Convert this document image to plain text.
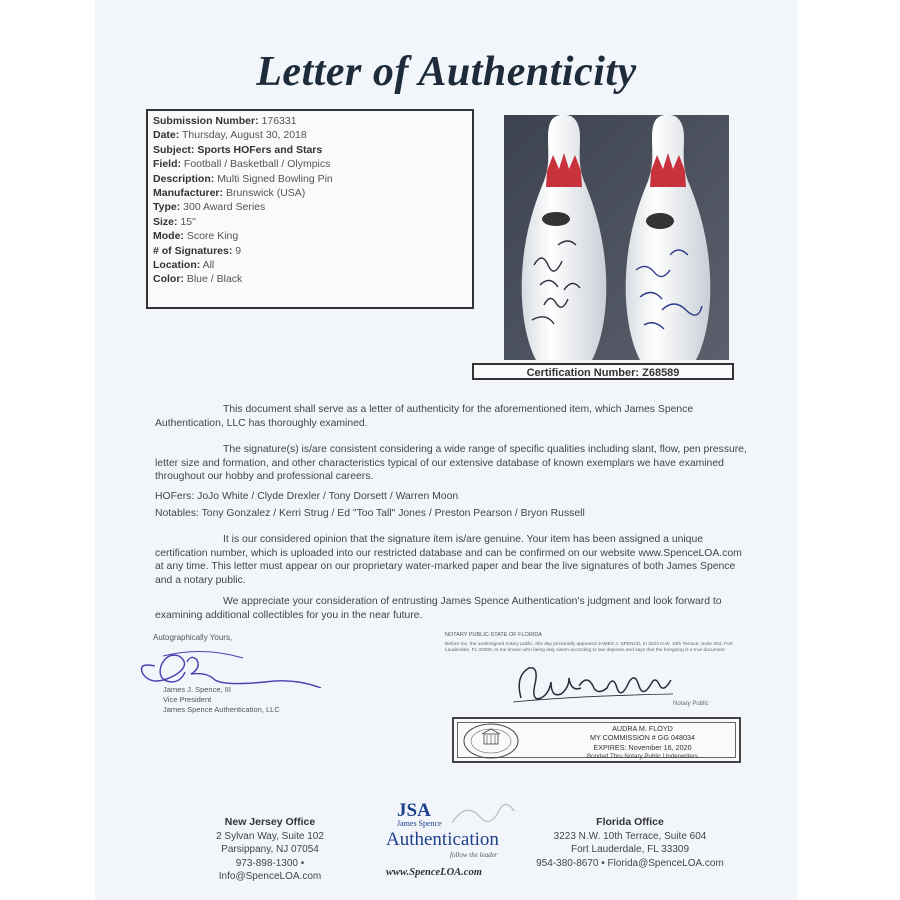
Letter of Authenticity
Submission Number: 176331
Date: Thursday, August 30, 2018
Subject: Sports HOFers and Stars
Field: Football / Basketball / Olympics
Description: Multi Signed Bowling Pin
Manufacturer: Brunswick (USA)
Type: 300 Award Series
Size: 15"
Mode: Score King
# of Signatures: 9
Location: All
Color: Blue / Black
Certification Number: Z68589
This document shall serve as a letter of authenticity for the aforementioned item, which James Spence Authentication, LLC has thoroughly examined.
The signature(s) is/are consistent considering a wide range of specific qualities including slant, flow, pen pressure, letter size and formation, and other characteristics typical of our extensive database of known exemplars we have examined throughout our hobby and professional careers.
HOFers: JoJo White / Clyde Drexler / Tony Dorsett / Warren Moon
Notables: Tony Gonzalez / Kerri Strug / Ed "Too Tall" Jones / Preston Pearson / Bryon Russell
It is our considered opinion that the signature item is/are genuine. Your item has been assigned a unique certification number, which is uploaded into our restricted database and can be confirmed on our website www.SpenceLOA.com at any time. This letter must appear on our proprietary water-marked paper and bear the live signatures of both James Spence and a notary public.
We appreciate your consideration of entrusting James Spence Authentication's judgment and look forward to examining additional collectibles for you in the near future.
Autographically Yours,
James J. Spence, III
Vice President
James Spence Authentication, LLC
NOTARY PUBLIC-STATE OF FLORIDA
Before me, the undersigned notary public, this day personally appeared JAMES J. SPENCE, III 3223 N.W. 10th Terrace, Suite 604, Fort Lauderdale, FL 33309, to me known who being duly sworn according to law deposes and says that the foregoing is a true document.
Notary Public
AUDRA M. FLOYD
MY COMMISSION # GG 048034
EXPIRES: November 16, 2020
Bonded Thru Notary Public Underwriters
New Jersey Office
2 Sylvan Way, Suite 102
Parsippany, NJ 07054
973-898-1300 • Info@SpenceLOA.com
JSA
James Spence
Authentication
follow the leader
www.SpenceLOA.com
Florida Office
3223 N.W. 10th Terrace, Suite 604
Fort Lauderdale, FL 33309
954-380-8670 • Florida@SpenceLOA.com
